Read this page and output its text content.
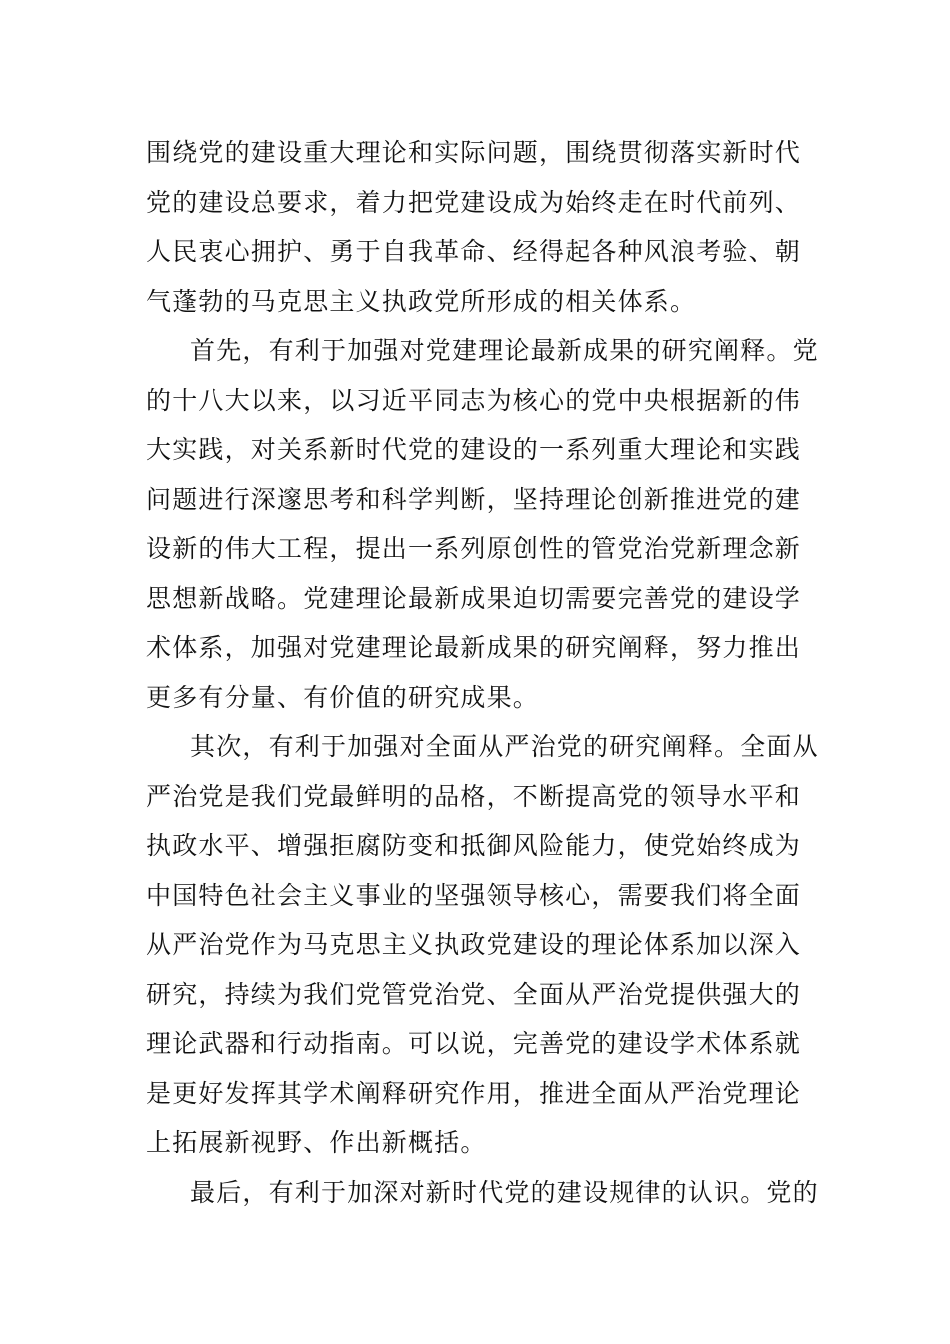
围绕党的建设重大理论和实际问题，围绕贯彻落实新时代
党的建设总要求，着力把党建设成为始终走在时代前列、
人民衷心拥护、勇于自我革命、经得起各种风浪考验、朝
气蓬勃的马克思主义执政党所形成的相关体系。
首先，有利于加强对党建理论最新成果的研究阐释。党
的十八大以来，以习近平同志为核心的党中央根据新的伟
大实践，对关系新时代党的建设的一系列重大理论和实践
问题进行深邃思考和科学判断，坚持理论创新推进党的建
设新的伟大工程，提出一系列原创性的管党治党新理念新
思想新战略。党建理论最新成果迫切需要完善党的建设学
术体系，加强对党建理论最新成果的研究阐释，努力推出
更多有分量、有价值的研究成果。
其次，有利于加强对全面从严治党的研究阐释。全面从
严治党是我们党最鲜明的品格，不断提高党的领导水平和
执政水平、增强拒腐防变和抵御风险能力，使党始终成为
中国特色社会主义事业的坚强领导核心，需要我们将全面
从严治党作为马克思主义执政党建设的理论体系加以深入
研究，持续为我们党管党治党、全面从严治党提供强大的
理论武器和行动指南。可以说，完善党的建设学术体系就
是更好发挥其学术阐释研究作用，推进全面从严治党理论
上拓展新视野、作出新概括。
最后，有利于加深对新时代党的建设规律的认识。党的
